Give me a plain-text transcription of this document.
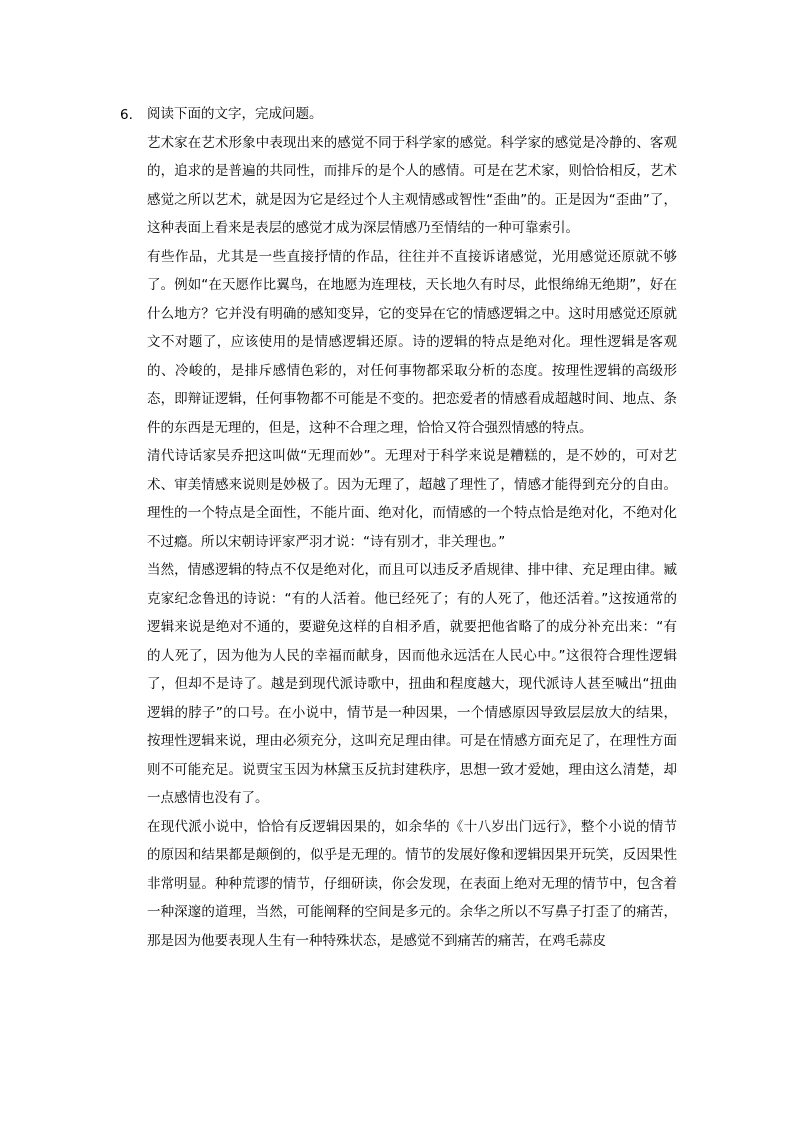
6. 阅读下面的文字，完成问题。

艺术家在艺术形象中表现出来的感觉不同于科学家的感觉。科学家的感觉是冷静的、客观的，追求的是普遍的共同性，而排斥的是个人的感情。可是在艺术家，则恰恰相反，艺术感觉之所以艺术，就是因为它是经过个人主观情感或智性“歪曲”的。正是因为“歪曲”了，这种表面上看来是表层的感觉才成为深层情感乃至情结的一种可靠索引。

有些作品，尤其是一些直接抒情的作品，往往并不直接诉诸感觉，光用感觉还原就不够了。例如“在天愿作比翼鸟，在地愿为连理枝，天长地久有时尽，此恨绵绵无绝期”，好在什么地方？它并没有明确的感知变异，它的变异在它的情感逻辑之中。这时用感觉还原就文不对题了，应该使用的是情感逻辑还原。诗的逻辑的特点是绝对化。理性逻辑是客观的、冷峻的，是排斥感情色彩的，对任何事物都采取分析的态度。按理性逻辑的高级形态，即辩证逻辑，任何事物都不可能是不变的。把恋爱者的情感看成超越时间、地点、条件的东西是无理的，但是，这种不合理之理，恰恰又符合强烈情感的特点。

清代诗话家吴乔把这叫做“无理而妙”。无理对于科学来说是糟糕的，是不妙的，可对艺术、审美情感来说则是妙极了。因为无理了，超越了理性了，情感才能得到充分的自由。理性的一个特点是全面性，不能片面、绝对化，而情感的一个特点恰是绝对化，不绝对化不过瘾。所以宋朝诗评家严羽才说：“诗有别才，非关理也。”

当然，情感逻辑的特点不仅是绝对化，而且可以违反矛盾规律、排中律、充足理由律。臧克家纪念鲁迅的诗说：“有的人活着。他已经死了；有的人死了，他还活着。”这按通常的逻辑来说是绝对不通的，要避免这样的自相矛盾，就要把他省略了的成分补充出来：“有的人死了，因为他为人民的幸福而献身，因而他永远活在人民心中。”这很符合理性逻辑了，但却不是诗了。越是到现代派诗歌中，扭曲和程度越大，现代派诗人甚至喊出“扭曲逻辑的脖子”的口号。在小说中，情节是一种因果，一个情感原因导致层层放大的结果，按理性逻辑来说，理由必须充分，这叫充足理由律。可是在情感方面充足了，在理性方面则不可能充足。说贾宝玉因为林黛玉反抗封建秩序，思想一致才爱她，理由这么清楚，却一点感情也没有了。

在现代派小说中，恰恰有反逻辑因果的，如余华的《十八岁出门远行》，整个小说的情节的原因和结果都是颠倒的，似乎是无理的。情节的发展好像和逻辑因果开玩笑，反因果性非常明显。种种荒谬的情节，仔细研读，你会发现，在表面上绝对无理的情节中，包含着一种深邃的道理，当然，可能阐释的空间是多元的。余华之所以不写鼻子打歪了的痛苦，那是因为他要表现人生有一种特殊状态，是感觉不到痛苦的痛苦，在鸡毛蒜皮
